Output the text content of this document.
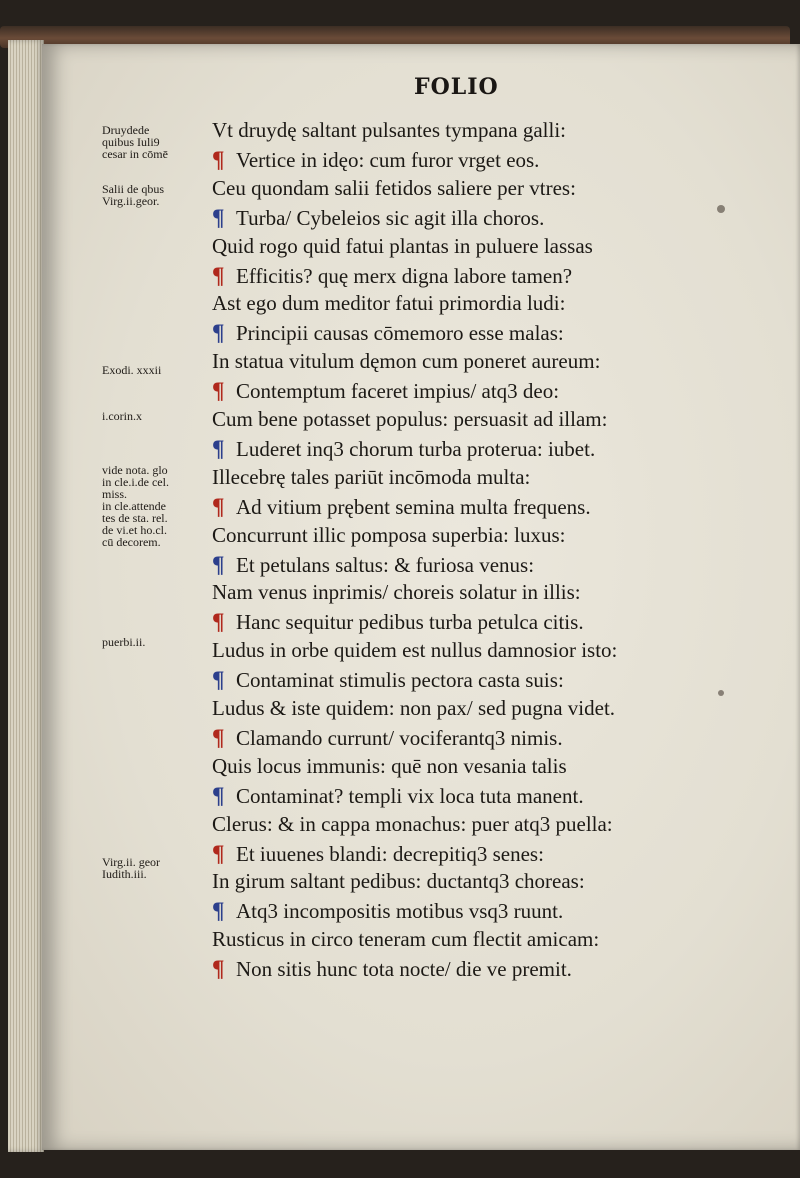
FOLIO
Druydede
quibus Iuli9
cesar in cōmē
Salii de qbus
Virg.ii.geor.
Exodi. xxxii
i.corin.x
vide nota. glo
in cle.i.de cel.
miss.
in cle.attende
tes de sta. rel.
de vi.et ho.cl.
cū decorem.
puerbi.ii.
Virg.ii. geor
Iudith.iii.
Vt druydę saltant pulsantes tympana galli:
¶ Vertice in idęo: cum furor vrget eos.
Ceu quondam salii fetidos saliere per vtres:
¶ Turba/ Cybeleios sic agit illa choros.
Quid rogo quid fatui plantas in puluere lassas
¶ Efficitis? quę merx digna labore tamen?
Ast ego dum meditor fatui primordia ludi:
¶ Principii causas cōmemoro esse malas:
In statua vitulum dęmon cum poneret aureum:
¶ Contemptum faceret impius/ atq3 deo:
Cum bene potasset populus: persuasit ad illam:
¶ Luderet inq3 chorum turba proterua: iubet.
Illecebrę tales pariūt incōmoda multa:
¶ Ad vitium prębent semina multa frequens.
Concurrunt illic pomposa superbia: luxus:
¶ Et petulans saltus: & furiosa venus:
Nam venus inprimis/ choreis solatur in illis:
¶ Hanc sequitur pedibus turba petulca citis.
Ludus in orbe quidem est nullus damnosior isto:
¶ Contaminat stimulis pectora casta suis:
Ludus & iste quidem: non pax/ sed pugna videt.
¶ Clamando currunt/ vociferantq3 nimis.
Quis locus immunis: quē non vesania talis
¶ Contaminat? templi vix loca tuta manent.
Clerus: & in cappa monachus: puer atq3 puella:
¶ Et iuuenes blandi: decrepitiq3 senes:
In girum saltant pedibus: ductantq3 choreas:
¶ Atq3 incompositis motibus vsq3 ruunt.
Rusticus in circo teneram cum flectit amicam:
¶ Non sitis hunc tota nocte/ die ve premit.
